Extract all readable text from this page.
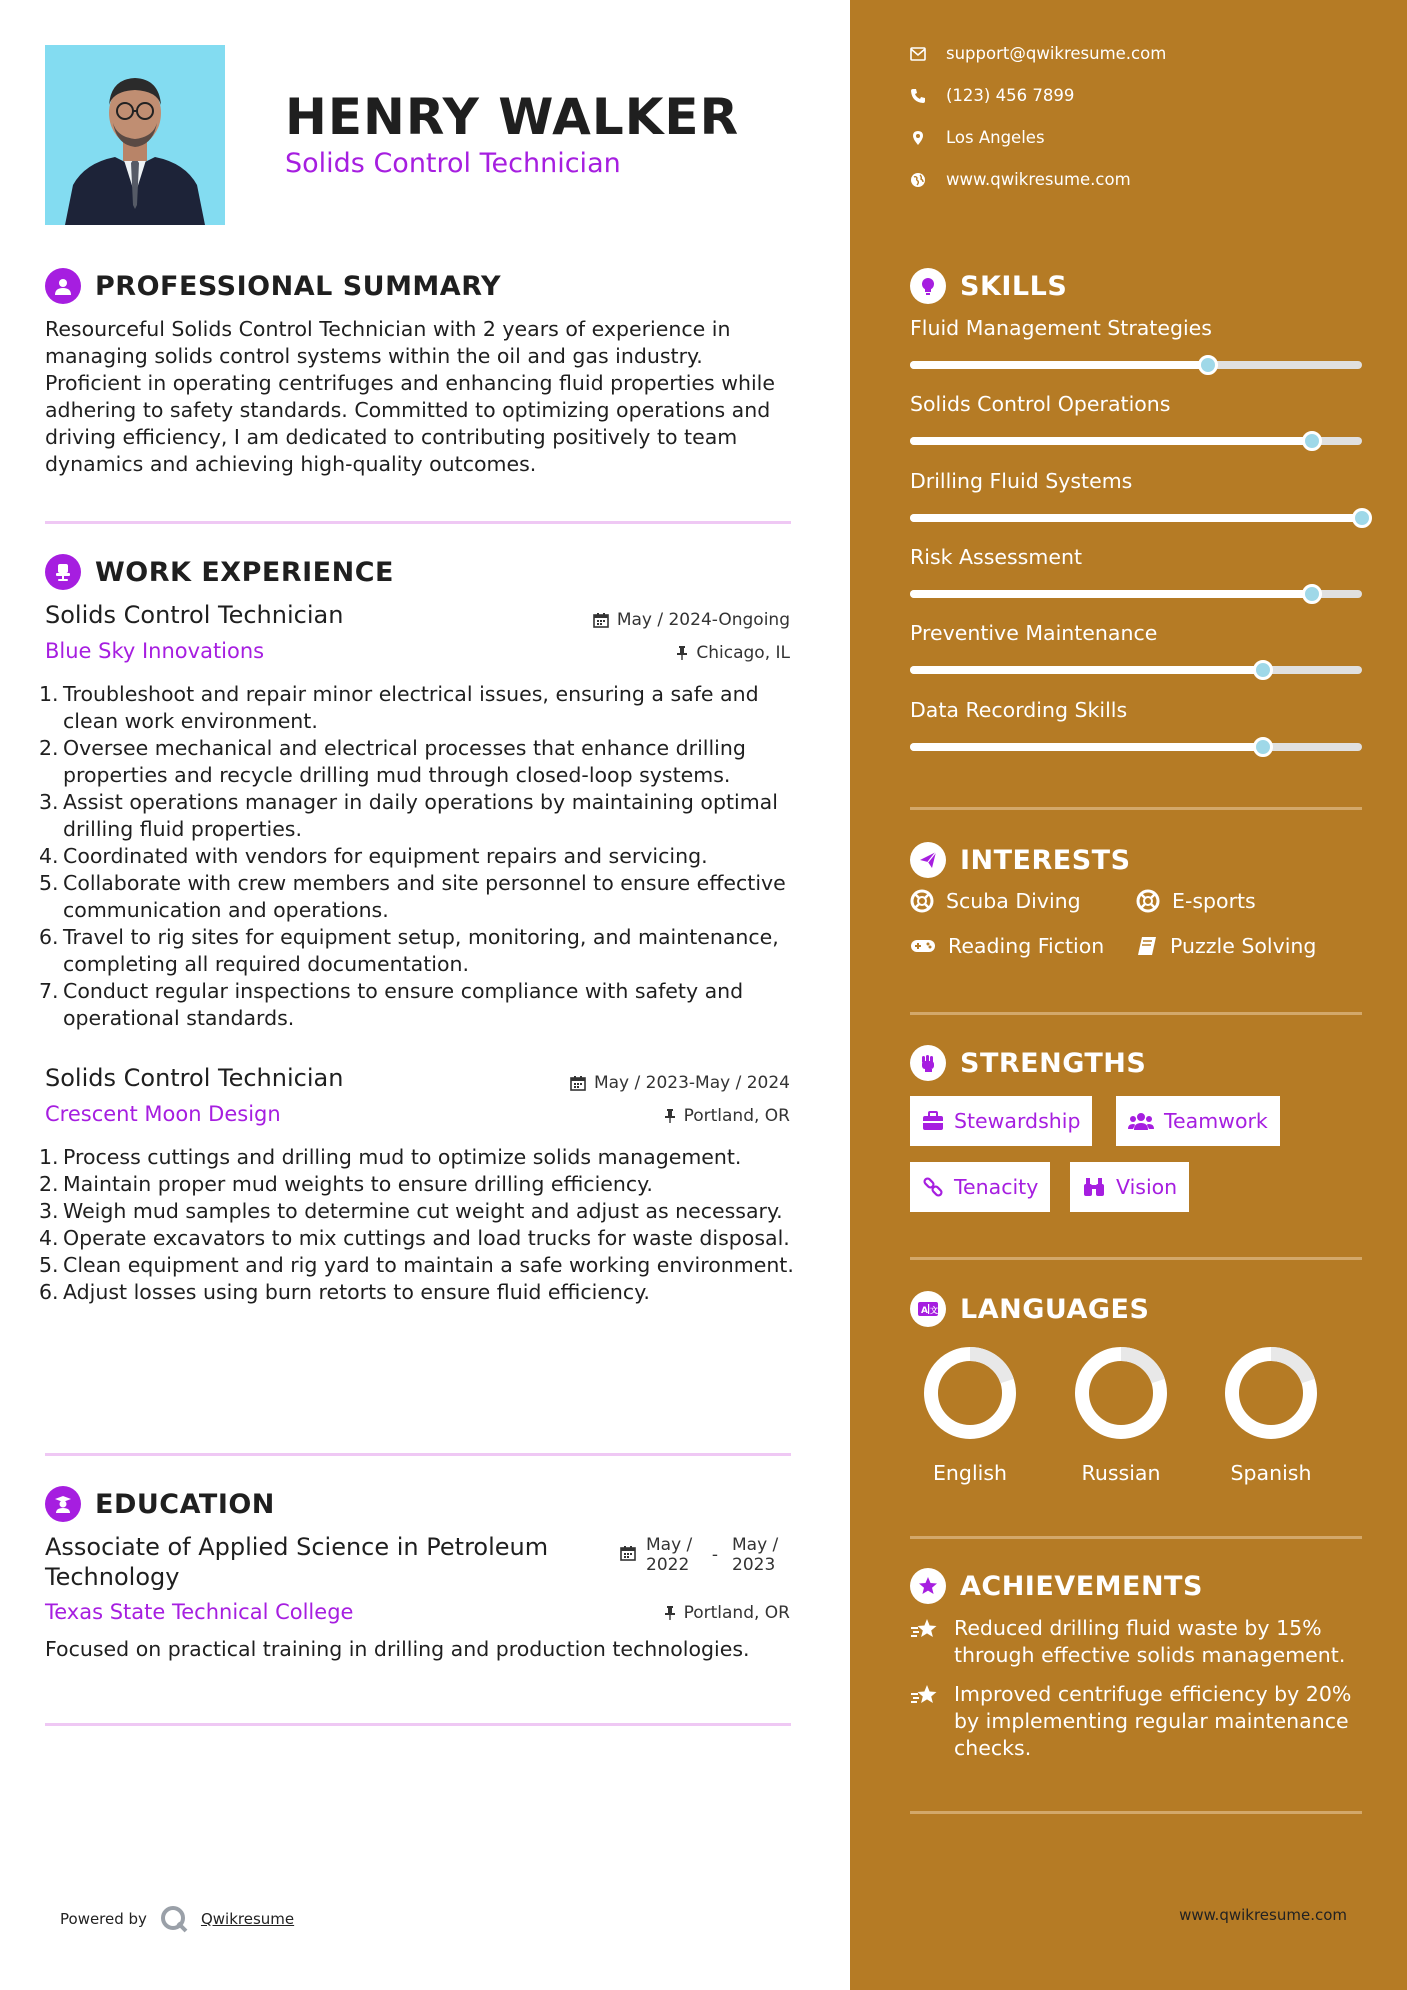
HENRY WALKER
Solids Control Technician
PROFESSIONAL SUMMARY
Resourceful Solids Control Technician with 2 years of experience in managing solids control systems within the oil and gas industry. Proficient in operating centrifuges and enhancing fluid properties while adhering to safety standards. Committed to optimizing operations and driving efficiency, I am dedicated to contributing positively to team dynamics and achieving high-quality outcomes.
WORK EXPERIENCE
Solids Control Technician	May / 2024-Ongoing
Blue Sky Innovations	Chicago, IL
Troubleshoot and repair minor electrical issues, ensuring a safe and clean work environment.
Oversee mechanical and electrical processes that enhance drilling properties and recycle drilling mud through closed-loop systems.
Assist operations manager in daily operations by maintaining optimal drilling fluid properties.
Coordinated with vendors for equipment repairs and servicing.
Collaborate with crew members and site personnel to ensure effective communication and operations.
Travel to rig sites for equipment setup, monitoring, and maintenance, completing all required documentation.
Conduct regular inspections to ensure compliance with safety and operational standards.
Solids Control Technician	May / 2023-May / 2024
Crescent Moon Design	Portland, OR
Process cuttings and drilling mud to optimize solids management.
Maintain proper mud weights to ensure drilling efficiency.
Weigh mud samples to determine cut weight and adjust as necessary.
Operate excavators to mix cuttings and load trucks for waste disposal.
Clean equipment and rig yard to maintain a safe working environment.
Adjust losses using burn retorts to ensure fluid efficiency.
EDUCATION
Associate of Applied Science in Petroleum Technology
May / 2022	- May / 2023
Texas State Technical College	Portland, OR
Focused on practical training in drilling and production technologies.
Powered by	Qwikresume
support@qwikresume.com
(123) 456 7899
Los Angeles
www.qwikresume.com
SKILLS
Fluid Management Strategies
Solids Control Operations
Drilling Fluid Systems
Risk Assessment
Preventive Maintenance
Data Recording Skills
INTERESTS
Scuba Diving	E-sports
Reading Fiction	Puzzle Solving
STRENGTHS
Stewardship	Teamwork
Tenacity	Vision
A 文 LANGUAGES
English	Russian	Spanish
ACHIEVEMENTS
Reduced drilling fluid waste by 15% through effective solids management.
Improved centrifuge efficiency by 20% by implementing regular maintenance checks.
www.qwikresume.com
